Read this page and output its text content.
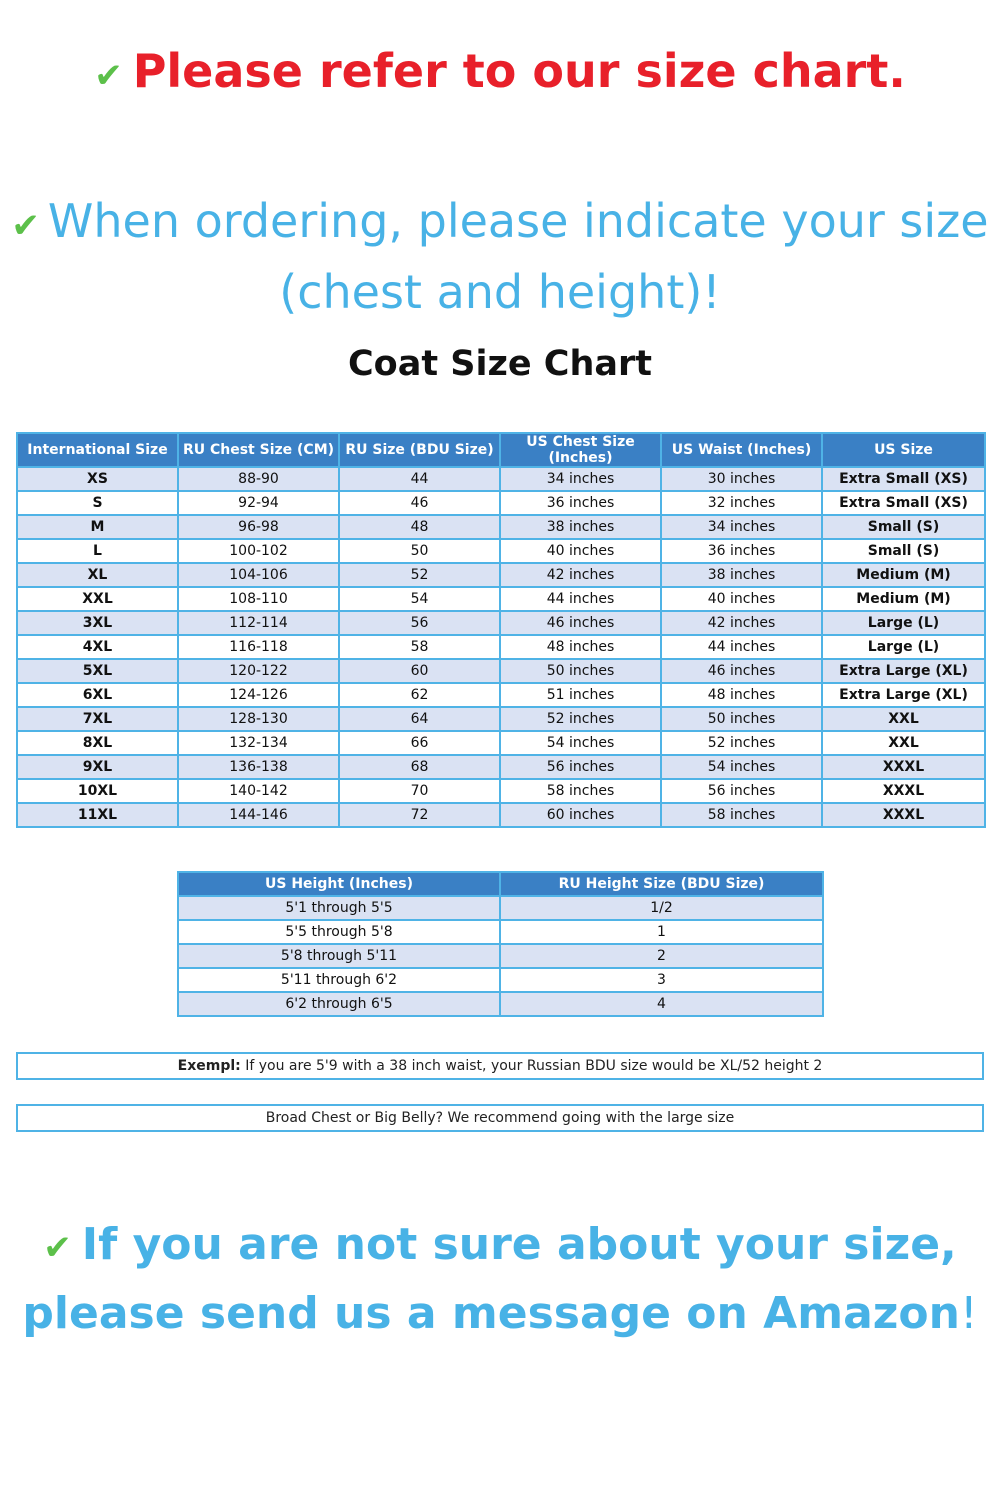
✔ Please refer to our size chart.
✔ When ordering, please indicate your size
(chest and height)!
Coat Size Chart
International Size	RU Chest Size (CM)	RU Size (BDU Size)	US Chest Size (Inches)	US Waist (Inches)	US Size
XS	88-90	44	34 inches	30 inches	Extra Small (XS)
S	92-94	46	36 inches	32 inches	Extra Small (XS)
M	96-98	48	38 inches	34 inches	Small (S)
L	100-102	50	40 inches	36 inches	Small (S)
XL	104-106	52	42 inches	38 inches	Medium (M)
XXL	108-110	54	44 inches	40 inches	Medium (M)
3XL	112-114	56	46 inches	42 inches	Large (L)
4XL	116-118	58	48 inches	44 inches	Large (L)
5XL	120-122	60	50 inches	46 inches	Extra Large (XL)
6XL	124-126	62	51 inches	48 inches	Extra Large (XL)
7XL	128-130	64	52 inches	50 inches	XXL
8XL	132-134	66	54 inches	52 inches	XXL
9XL	136-138	68	56 inches	54 inches	XXXL
10XL	140-142	70	58 inches	56 inches	XXXL
11XL	144-146	72	60 inches	58 inches	XXXL
US Height (Inches)	RU Height Size (BDU Size)
5'1 through 5'5	1/2
5'5 through 5'8	1
5'8 through 5'11	2
5'11 through 6'2	3
6'2 through 6'5	4
Exempl: If you are 5'9 with a 38 inch waist, your Russian BDU size would be XL/52 height 2
Broad Chest or Big Belly? We recommend going with the large size
✔ If you are not sure about your size,
please send us a message on Amazon!
